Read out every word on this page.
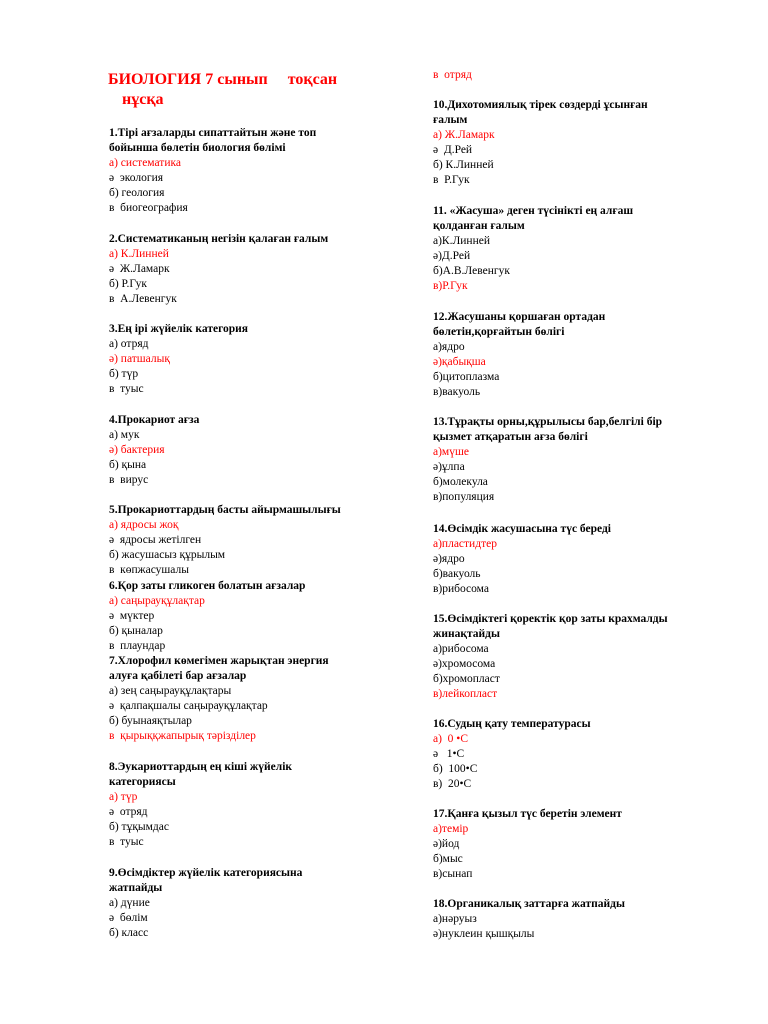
БИОЛОГИЯ 7 сынып     тоқсан
нұсқа

1.Тірі ағзаларды сипаттайтын және топ

бойынша бөлетін биология бөлімі

а) систематика

ә  экология

б) геология

в  биогеография

2.Систематиканың негізін қалаған ғалым

а) К.Линней

ә  Ж.Ламарк

б) Р.Гук

в  А.Левенгук

3.Ең ірі жүйелік категория

а) отряд

ә) патшалық

б) түр

в  туыс

4.Прокариот ағза

а) мук

ә) бактерия

б) қына

в  вирус

5.Прокариоттардың басты айырмашылығы

а) ядросы жоқ

ә  ядросы жетілген

б) жасушасыз құрылым

в  көпжасушалы

6.Қор заты гликоген болатын ағзалар

а) саңырауқұлақтар

ә  мүктер

б) қыналар

в  плаундар

7.Хлорофил көмегімен жарықтан энергия

алуға қабілеті бар ағзалар

а) зең саңырауқұлақтары

ә  қалпақшалы саңырауқұлақтар

б) буынаяқтылар

в  қырыққжапырық тәрізділер

8.Эукариоттардың ең кіші жүйелік

категориясы

а) түр

ә  отряд

б) тұқымдас

в  туыс

9.Өсімдіктер жүйелік категориясына

жатпайды

а) дүние

ә  бөлім

б) класс

в  отряд

10.Дихотомиялық тірек сөздерді ұсынған

ғалым

а) Ж.Ламарк

ә  Д.Рей

б) К.Линней

в  Р.Гук

11. «Жасуша» деген түсінікті ең алғаш

қолданған ғалым

а)К.Линней

ә)Д.Рей

б)А.В.Левенгук

в)Р.Гук

12.Жасушаны қоршаған ортадан

бөлетін,қорғайтын бөлігі

а)ядро

ә)қабықша

б)цитоплазма

в)вакуоль

13.Тұрақты орны,құрылысы бар,белгілі бір

қызмет атқаратын ағза бөлігі

а)мүше

ә)ұлпа

б)молекула

в)популяция

14.Өсімдік жасушасына түс береді

а)пластидтер

ә)ядро

б)вакуоль

в)рибосома

15.Өсімдіктегі қоректік қор заты крахмалды

жинақтайды

а)рибосома

ә)хромосома

б)хромопласт

в)лейкопласт

16.Судың қату температурасы

а)  0 •С

ә   1•С

б)  100•С

в)  20•С

17.Қанға қызыл түс беретін элемент

а)темір

ә)йод

б)мыс

в)сынап

18.Органикалық заттарға жатпайды

а)нәруыз

ә)нуклеин қышқылы
